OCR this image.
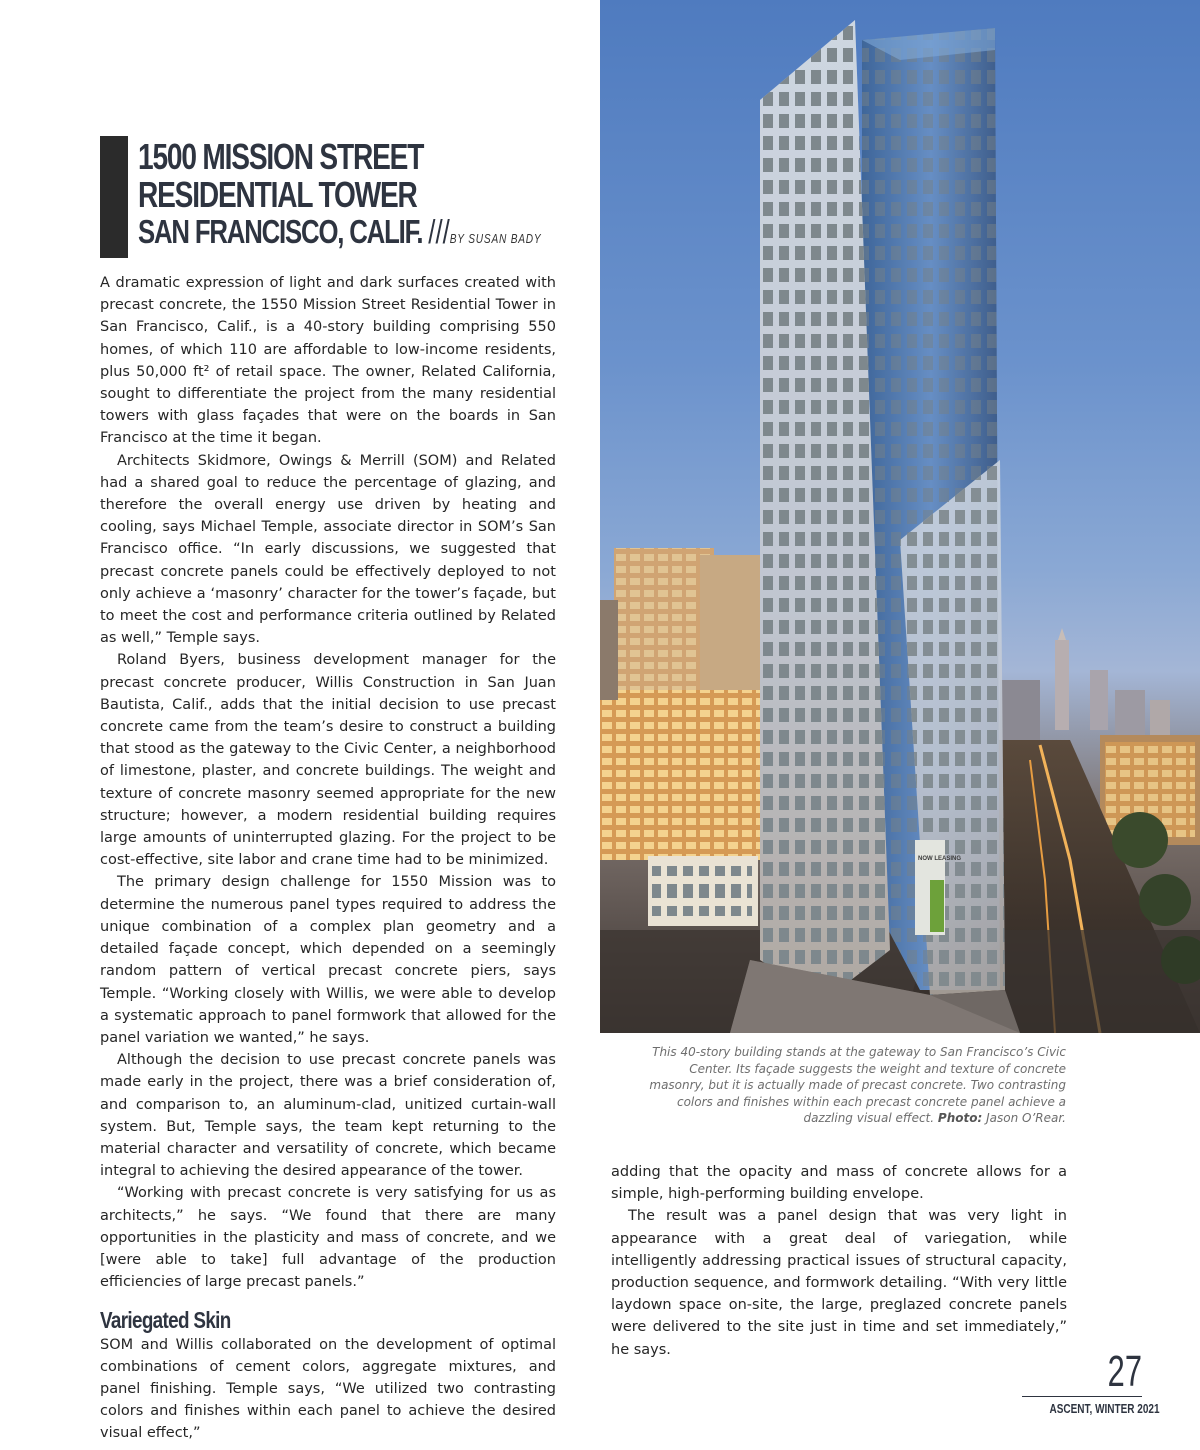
1500 MISSION STREET
RESIDENTIAL TOWER
SAN FRANCISCO, CALIF. ///BY SUSAN BADY

A dramatic expression of light and dark surfaces created with precast concrete, the 1550 Mission Street Residential Tower in San Francisco, Calif., is a 40-story building comprising 550 homes, of which 110 are affordable to low-income residents, plus 50,000 ft² of retail space. The owner, Related California, sought to differentiate the project from the many residential towers with glass façades that were on the boards in San Francisco at the time it began.

Architects Skidmore, Owings & Merrill (SOM) and Related had a shared goal to reduce the percentage of glazing, and therefore the overall energy use driven by heating and cooling, says Michael Temple, associate director in SOM’s San Francisco office. “In early discussions, we suggested that precast concrete panels could be effectively deployed to not only achieve a ‘masonry’ character for the tower’s façade, but to meet the cost and performance criteria outlined by Related as well,” Temple says.

Roland Byers, business development manager for the precast concrete producer, Willis Construction in San Juan Bautista, Calif., adds that the initial decision to use precast concrete came from the team’s desire to construct a building that stood as the gateway to the Civic Center, a neighborhood of limestone, plaster, and concrete buildings. The weight and texture of concrete masonry seemed appropriate for the new structure; however, a modern residential building requires large amounts of uninterrupted glazing. For the project to be cost-effective, site labor and crane time had to be minimized.

The primary design challenge for 1550 Mission was to determine the numerous panel types required to address the unique combination of a complex plan geometry and a detailed façade concept, which depended on a seemingly random pattern of vertical precast concrete piers, says Temple. “Working closely with Willis, we were able to develop a systematic approach to panel formwork that allowed for the panel variation we wanted,” he says.

Although the decision to use precast concrete panels was made early in the project, there was a brief consideration of, and comparison to, an aluminum-clad, unitized curtain-wall system. But, Temple says, the team kept returning to the material character and versatility of concrete, which became integral to achieving the desired appearance of the tower.

“Working with precast concrete is very satisfying for us as architects,” he says. “We found that there are many opportunities in the plasticity and mass of concrete, and we [were able to take] full advantage of the production efficiencies of large precast panels.”

Variegated Skin

SOM and Willis collaborated on the development of optimal combinations of cement colors, aggregate mixtures, and panel finishing. Temple says, “We utilized two contrasting colors and finishes within each panel to achieve the desired visual effect,”

NOW LEASING
This 40-story building stands at the gateway to San Francisco’s Civic Center. Its façade suggests the weight and texture of concrete masonry, but it is actually made of precast concrete. Two contrasting colors and finishes within each precast concrete panel achieve a dazzling visual effect. Photo: Jason O’Rear.

adding that the opacity and mass of concrete allows for a simple, high-performing building envelope.

The result was a panel design that was very light in appearance with a great deal of variegation, while intelligently addressing practical issues of structural capacity, production sequence, and formwork detailing. “With very little laydown space on-site, the large, preglazed concrete panels were delivered to the site just in time and set immediately,” he says.	27
ASCENT, WINTER 2021
